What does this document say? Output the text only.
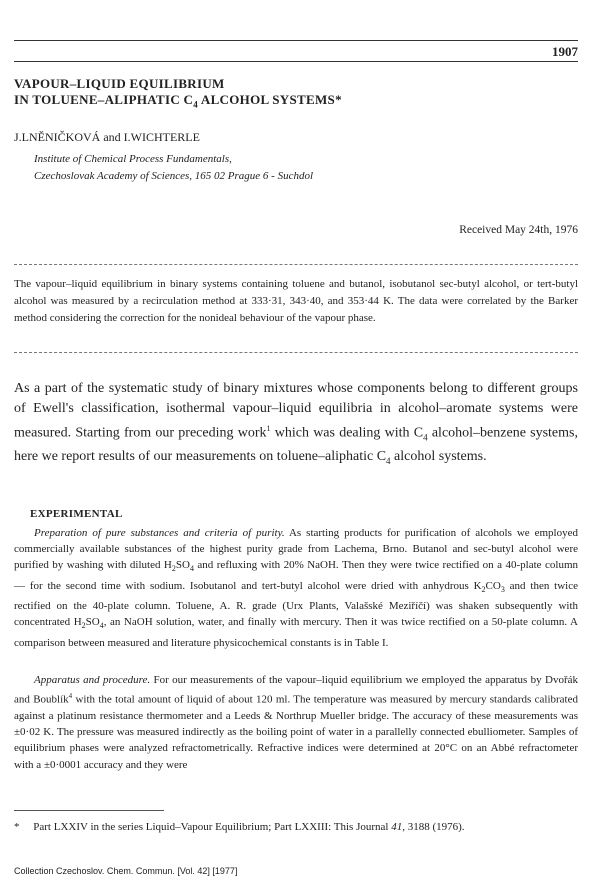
1907
VAPOUR–LIQUID EQUILIBRIUM
IN TOLUENE–ALIPHATIC $C_4$ ALCOHOL SYSTEMS*
J.LNĚNIČKOVÁ and I.WICHTERLE
Institute of Chemical Process Fundamentals,
Czechoslovak Academy of Sciences, 165 02 Prague 6 - Suchdol
Received May 24th, 1976
The vapour–liquid equilibrium in binary systems containing toluene and butanol, isobutanol sec-butyl alcohol, or tert-butyl alcohol was measured by a recirculation method at 333·31, 343·40, and 353·44 K. The data were correlated by the Barker method considering the correction for the nonideal behaviour of the vapour phase.
As a part of the systematic study of binary mixtures whose components belong to different groups of Ewell's classification, isothermal vapour–liquid equilibria in alcohol–aromate systems were measured. Starting from our preceding work$^1$ which was dealing with $C_4$ alcohol–benzene systems, here we report results of our measurements on toluene–aliphatic $C_4$ alcohol systems.
EXPERIMENTAL

Preparation of pure substances and criteria of purity. As starting products for purification of alcohols we employed commercially available substances of the highest purity grade from Lachema, Brno. Butanol and sec-butyl alcohol were purified by washing with diluted $H_2SO_4$ and refluxing with 20% NaOH. Then they were twice rectified on a 40-plate column — for the second time with sodium. Isobutanol and tert-butyl alcohol were dried with anhydrous $K_2CO_3$ and then twice rectified on the 40-plate column. Toluene, A. R. grade (Urx Plants, Valašské Meziříčí) was shaken subsequently with concentrated $H_2SO_4$, an NaOH solution, water, and finally with mercury. Then it was twice rectified on a 50-plate column. A comparison between measured and literature physicochemical constants is in Table I.

Apparatus and procedure. For our measurements of the vapour–liquid equilibrium we employed the apparatus by Dvořák and Boublík$^4$ with the total amount of liquid of about 120 ml. The temperature was measured by mercury standards calibrated against a platinum resistance thermometer and a Leeds & Northrup Mueller bridge. The accuracy of these measurements was ±0·02 K. The pressure was measured indirectly as the boiling point of water in a parallelly connected ebulliometer. Samples of equilibrium phases were analyzed refractometrically. Refractive indices were determined at 20°C on an Abbé refractometer with a ±0·0001 accuracy and they were

* Part LXXIV in the series Liquid–Vapour Equilibrium; Part LXXIII: This Journal 41, 3188 (1976).
Collection Czechoslov. Chem. Commun. [Vol. 42] [1977]
